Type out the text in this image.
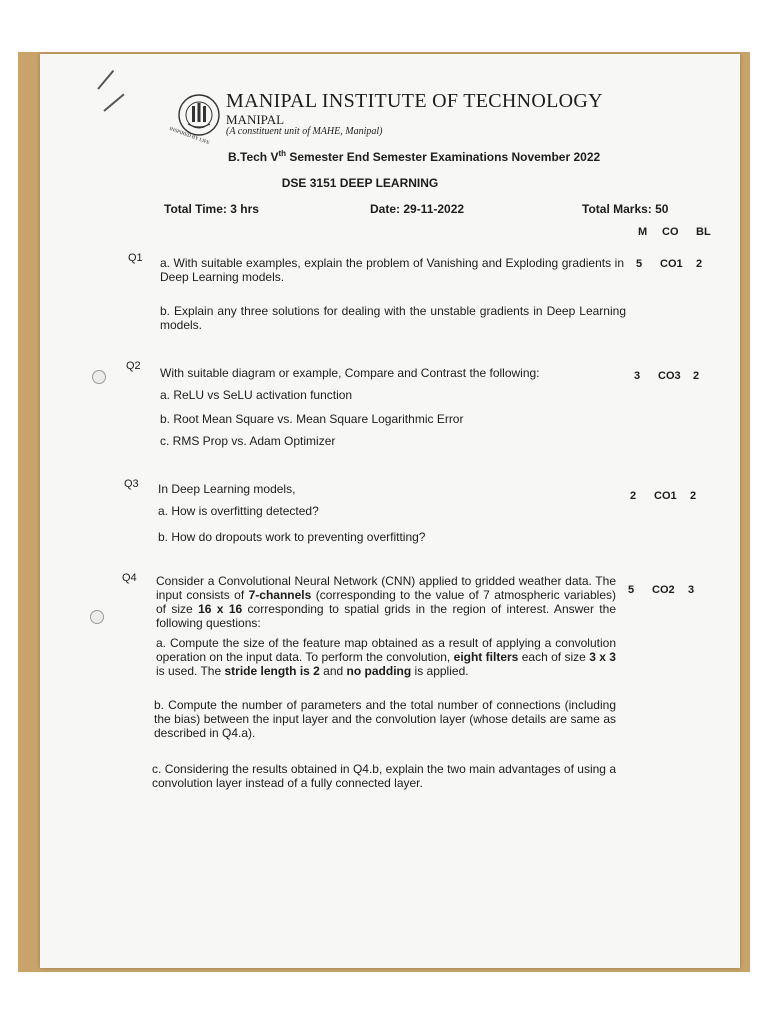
INSPIRED BY LIFE
MANIPAL INSTITUTE OF TECHNOLOGY
MANIPAL
(A constituent unit of MAHE, Manipal)
B.Tech Vth Semester End Semester Examinations November 2022
DSE 3151 DEEP LEARNING
Total Time: 3 hrs	Date: 29-11-2022	Total Marks: 50
M CO BL
Q1 a. With suitable examples, explain the problem of Vanishing and Exploding gradients in Deep Learning models.
b. Explain any three solutions for dealing with the unstable gradients in Deep Learning models.
5 CO1 2
Q2 With suitable diagram or example, Compare and Contrast the following:
a. ReLU vs SeLU activation function
b. Root Mean Square vs. Mean Square Logarithmic Error
c. RMS Prop vs. Adam Optimizer
3 CO3 2
Q3 In Deep Learning models,
a. How is overfitting detected?
b. How do dropouts work to preventing overfitting?
2 CO1 2
Q4 Consider a Convolutional Neural Network (CNN) applied to gridded weather data. The input consists of 7-channels (corresponding to the value of 7 atmospheric variables) of size 16 x 16 corresponding to spatial grids in the region of interest. Answer the following questions:
a. Compute the size of the feature map obtained as a result of applying a convolution operation on the input data. To perform the convolution, eight filters each of size 3 x 3 is used. The stride length is 2 and no padding is applied.
b. Compute the number of parameters and the total number of connections (including the bias) between the input layer and the convolution layer (whose details are same as described in Q4.a).
c. Considering the results obtained in Q4.b, explain the two main advantages of using a convolution layer instead of a fully connected layer.
5 CO2 3
